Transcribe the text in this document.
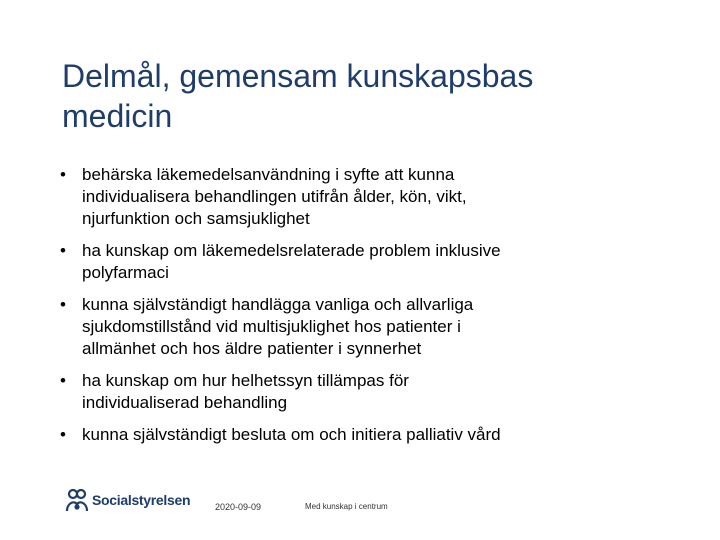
Delmål, gemensam kunskapsbas
medicin
• behärska läkemedelsanvändning i syfte att kunna
individualisera behandlingen utifrån ålder, kön, vikt,
njurfunktion och samsjuklighet
• ha kunskap om läkemedelsrelaterade problem inklusive
polyfarmaci
• kunna självständigt handlägga vanliga och allvarliga
sjukdomstillstånd vid multisjuklighet hos patienter i
allmänhet och hos äldre patienter i synnerhet
• ha kunskap om hur helhetssyn tillämpas för
individualiserad behandling
• kunna självständigt besluta om och initiera palliativ vård
Socialstyrelsen	2020-09-09	Med kunskap i centrum
